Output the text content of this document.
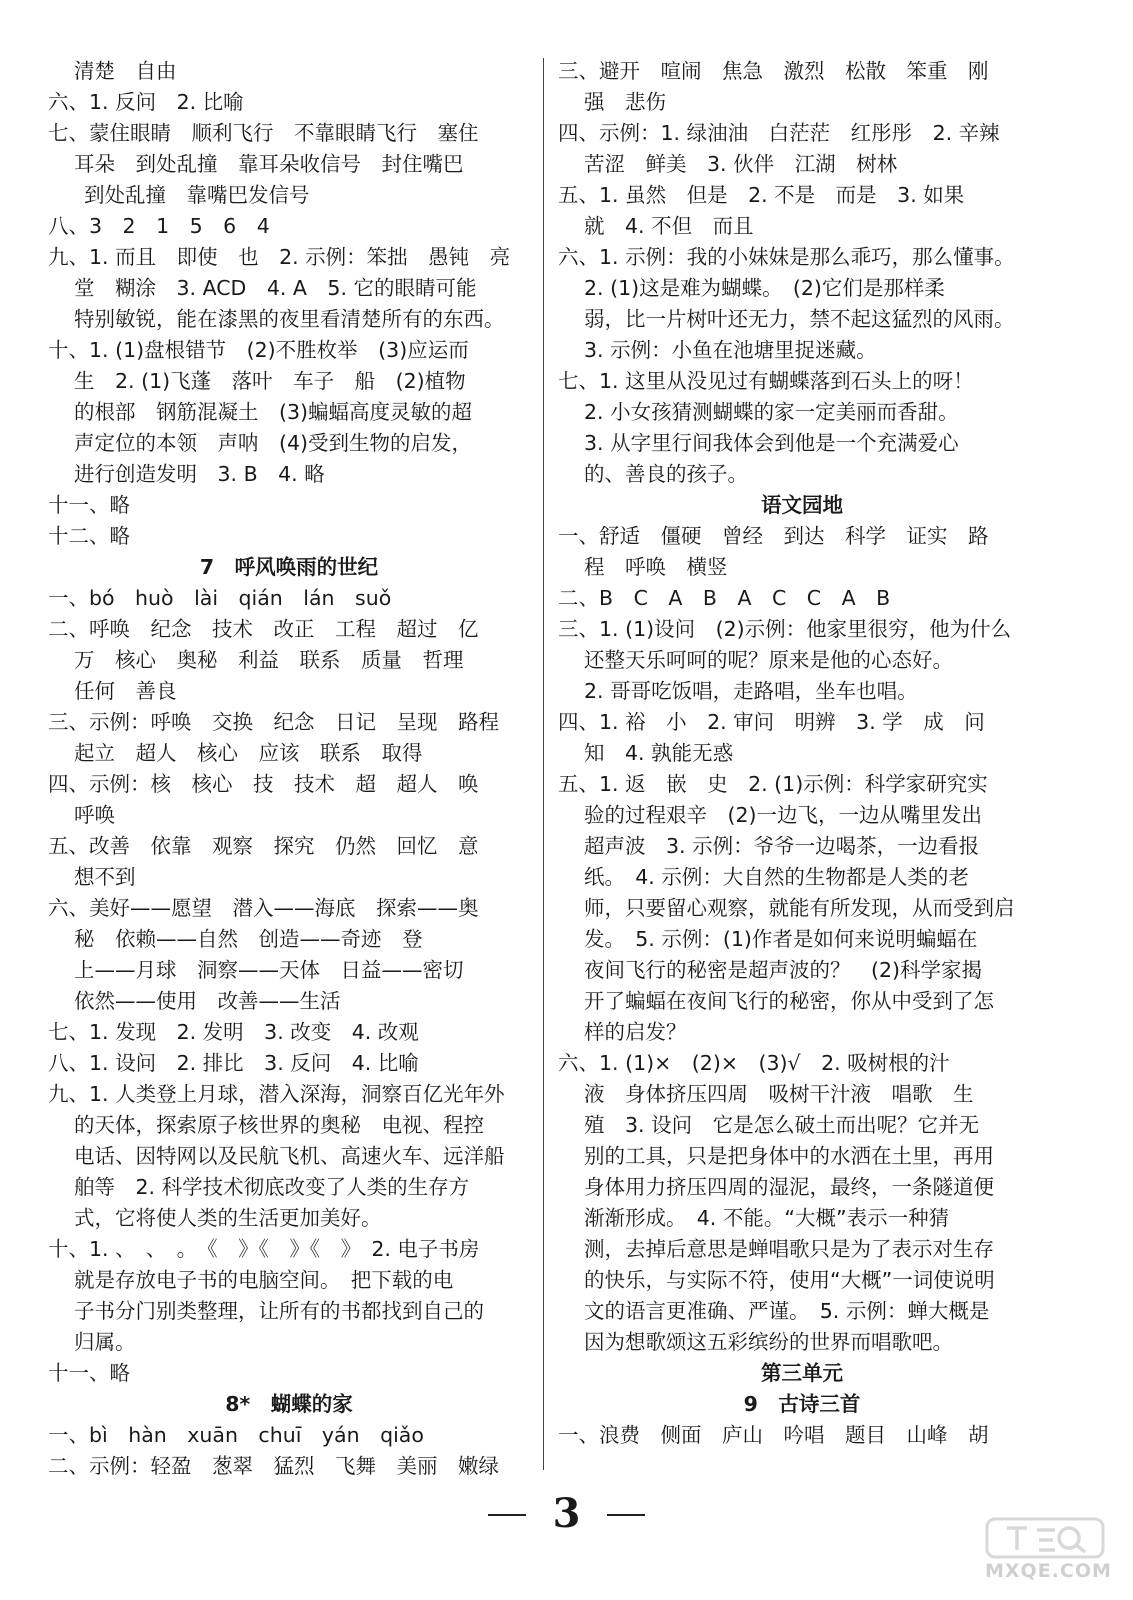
清楚　自由
六、1. 反问　2. 比喻
七、蒙住眼睛　顺利飞行　不靠眼睛飞行　塞住
耳朵　到处乱撞　靠耳朵收信号　封住嘴巴
到处乱撞　靠嘴巴发信号
八、3　2　1　5　6　4
九、1. 而且　即使　也　2. 示例：笨拙　愚钝　亮
堂　糊涂　3. ACD　4. A　5. 它的眼睛可能
特别敏锐，能在漆黑的夜里看清楚所有的东西。
十、1. (1)盘根错节　(2)不胜枚举　(3)应运而
生　2. (1)飞蓬　落叶　车子　船　(2)植物
的根部　钢筋混凝土　(3)蝙蝠高度灵敏的超
声定位的本领　声呐　(4)受到生物的启发，
进行创造发明　3. B　4. 略
十一、略
十二、略
7　呼风唤雨的世纪
一、bó　huò　lài　qián　lán　suǒ
二、呼唤　纪念　技术　改正　工程　超过　亿
万　核心　奥秘　利益　联系　质量　哲理
任何　善良
三、示例：呼唤　交换　纪念　日记　呈现　路程
起立　超人　核心　应该　联系　取得
四、示例：核　核心　技　技术　超　超人　唤
呼唤
五、改善　依靠　观察　探究　仍然　回忆　意
想不到
六、美好——愿望　潜入——海底　探索——奥
秘　依赖——自然　创造——奇迹　登
上——月球　洞察——天体　日益——密切
依然——使用　改善——生活
七、1. 发现　2. 发明　3. 改变　4. 改观
八、1. 设问　2. 排比　3. 反问　4. 比喻
九、1. 人类登上月球，潜入深海，洞察百亿光年外
的天体，探索原子核世界的奥秘　电视、程控
电话、因特网以及民航飞机、高速火车、远洋船
舶等　2. 科学技术彻底改变了人类的生存方
式，它将使人类的生活更加美好。
十、1. 、　、　。　《　》《　》《　》　2. 电子书房
就是存放电子书的电脑空间。　把下载的电
子书分门别类整理，让所有的书都找到自己的
归属。
十一、略
8*　蝴蝶的家
一、bì　hàn　xuān　chuī　yán　qiǎo
二、示例：轻盈　葱翠　猛烈　飞舞　美丽　嫩绿
三、避开　喧闹　焦急　激烈　松散　笨重　刚
强　悲伤
四、示例：1. 绿油油　白茫茫　红彤彤　2. 辛辣
苦涩　鲜美　3. 伙伴　江湖　树林
五、1. 虽然　但是　2. 不是　而是　3. 如果
就　4. 不但　而且
六、1. 示例：我的小妹妹是那么乖巧，那么懂事。
2. (1)这是难为蝴蝶。　(2)它们是那样柔
弱，比一片树叶还无力，禁不起这猛烈的风雨。
3. 示例：小鱼在池塘里捉迷藏。
七、1. 这里从没见过有蝴蝶落到石头上的呀！
2. 小女孩猜测蝴蝶的家一定美丽而香甜。
3. 从字里行间我体会到他是一个充满爱心
的、善良的孩子。
语文园地
一、舒适　僵硬　曾经　到达　科学　证实　路
程　呼唤　横竖
二、B　C　A　B　A　C　C　A　B
三、1. (1)设问　(2)示例：他家里很穷，他为什么
还整天乐呵呵的呢？原来是他的心态好。
2. 哥哥吃饭唱，走路唱，坐车也唱。
四、1. 裕　小　2. 审问　明辨　3. 学　成　问
知　4. 孰能无惑
五、1. 返　嵌　史　2. (1)示例：科学家研究实
验的过程艰辛　(2)一边飞，一边从嘴里发出
超声波　3. 示例：爷爷一边喝茶，一边看报
纸。　4. 示例：大自然的生物都是人类的老
师，只要留心观察，就能有所发现，从而受到启
发。　5. 示例：(1)作者是如何来说明蝙蝠在
夜间飞行的秘密是超声波的？　(2)科学家揭
开了蝙蝠在夜间飞行的秘密，你从中受到了怎
样的启发？
六、1. (1)×　(2)×　(3)√　2. 吸树根的汁
液　身体挤压四周　吸树干汁液　唱歌　生
殖　3. 设问　它是怎么破土而出呢？它并无
别的工具，只是把身体中的水洒在土里，再用
身体用力挤压四周的湿泥，最终，一条隧道便
渐渐形成。　4. 不能。“大概”表示一种猜
测，去掉后意思是蝉唱歌只是为了表示对生存
的快乐，与实际不符，使用“大概”一词使说明
文的语言更准确、严谨。　5. 示例：蝉大概是
因为想歌颂这五彩缤纷的世界而唱歌吧。
第三单元
9　古诗三首
一、浪费　侧面　庐山　吟唱　题目　山峰　胡
3
MXQE.COM
